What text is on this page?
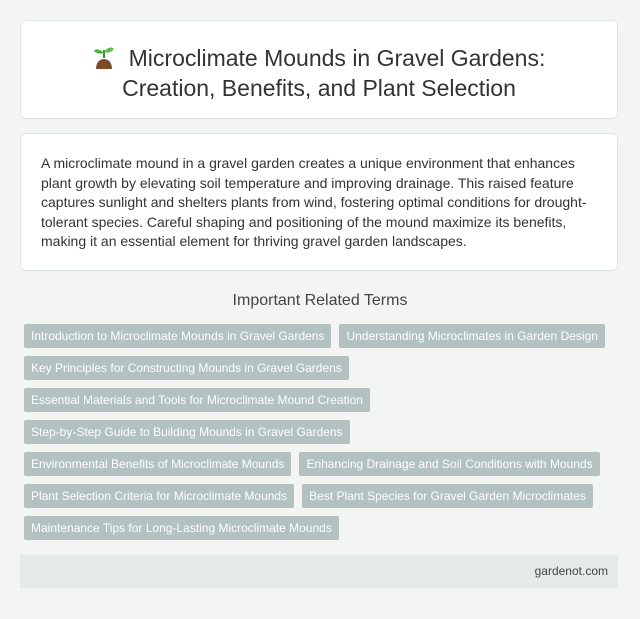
Microclimate Mounds in Gravel Gardens:
Creation, Benefits, and Plant Selection
A microclimate mound in a gravel garden creates a unique environment that enhances plant growth by elevating soil temperature and improving drainage. This raised feature captures sunlight and shelters plants from wind, fostering optimal conditions for drought-tolerant species. Careful shaping and positioning of the mound maximize its benefits, making it an essential element for thriving gravel garden landscapes.
Important Related Terms
Introduction to Microclimate Mounds in Gravel Gardens	Understanding Microclimates in Garden Design
Key Principles for Constructing Mounds in Gravel Gardens
Essential Materials and Tools for Microclimate Mound Creation
Step-by-Step Guide to Building Mounds in Gravel Gardens
Environmental Benefits of Microclimate Mounds	Enhancing Drainage and Soil Conditions with Mounds
Plant Selection Criteria for Microclimate Mounds	Best Plant Species for Gravel Garden Microclimates
Maintenance Tips for Long-Lasting Microclimate Mounds
gardenot.com
